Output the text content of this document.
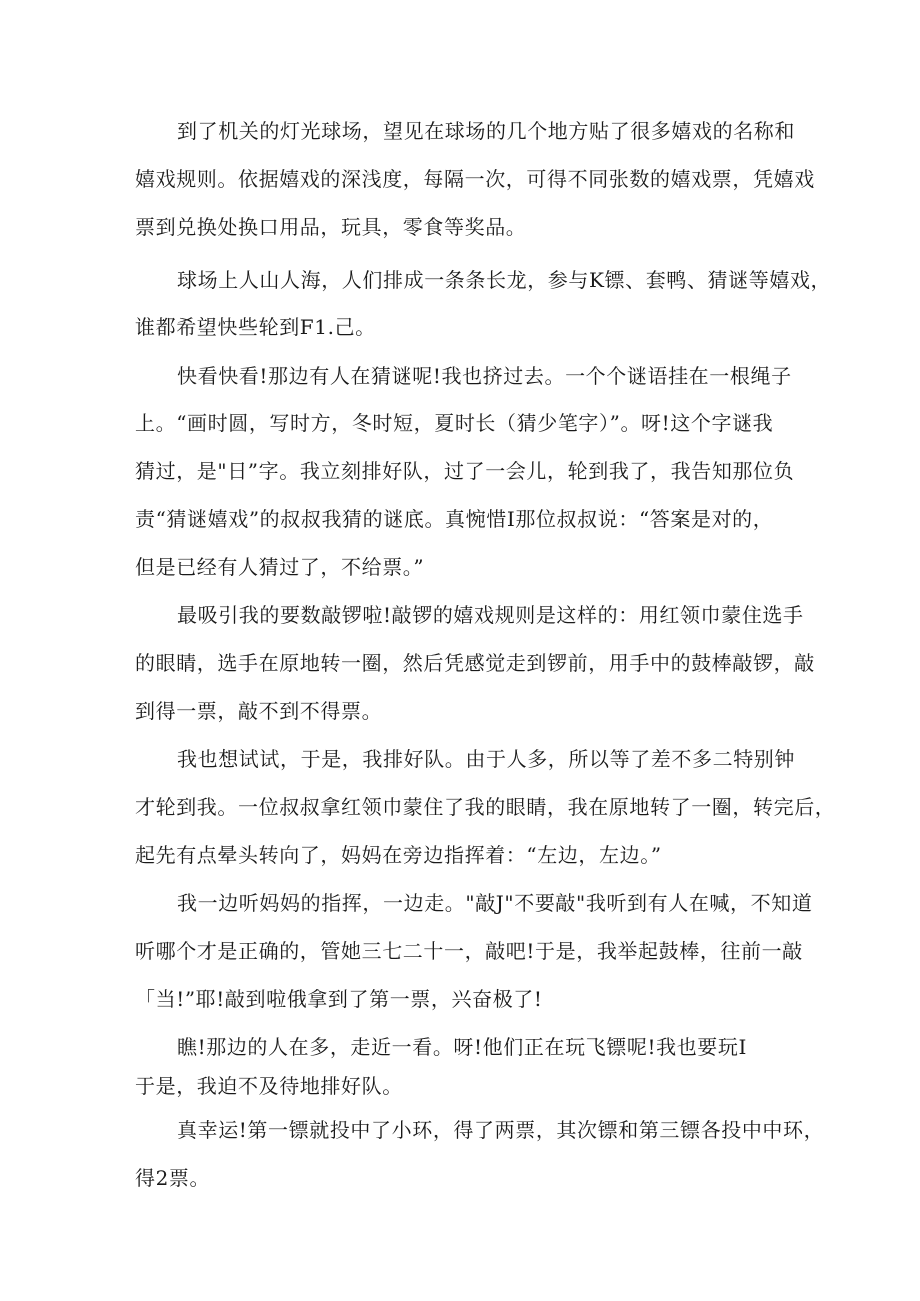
到了机关的灯光球场，望见在球场的几个地方贴了很多嬉戏的名称和
嬉戏规则。依据嬉戏的深浅度，每隔一次，可得不同张数的嬉戏票，凭嬉戏
票到兑换处换口用品，玩具，零食等奖品。
球场上人山人海，人们排成一条条长龙，参与K镖、套鸭、猜谜等嬉戏，
谁都希望快些轮到F1.己。
快看快看!那边有人在猜谜呢!我也挤过去。一个个谜语挂在一根绳子
上。“画时圆，写时方，冬时短，夏时长（猜少笔字）”。呀!这个字谜我
猜过，是"日”字。我立刻排好队，过了一会儿，轮到我了，我告知那位负
责“猜谜嬉戏”的叔叔我猜的谜底。真惋惜I那位叔叔说：“答案是对的，
但是已经有人猜过了，不给票。”
最吸引我的要数敲锣啦!敲锣的嬉戏规则是这样的：用红领巾蒙住选手
的眼睛，选手在原地转一圈，然后凭感觉走到锣前，用手中的鼓棒敲锣，敲
到得一票，敲不到不得票。
我也想试试，于是，我排好队。由于人多，所以等了差不多二特别钟
才轮到我。一位叔叔拿红领巾蒙住了我的眼睛，我在原地转了一圈，转完后，
起先有点晕头转向了，妈妈在旁边指挥着：“左边，左边。”
我一边听妈妈的指挥，一边走。"敲J"不要敲"我听到有人在喊，不知道
听哪个才是正确的，管她三七二十一，敲吧!于是，我举起鼓棒，往前一敲
「当!”耶!敲到啦俄拿到了第一票，兴奋极了!
瞧!那边的人在多，走近一看。呀!他们正在玩飞镖呢!我也要玩I
于是，我迫不及待地排好队。
真幸运!第一镖就投中了小环，得了两票，其次镖和第三镖各投中中环，
得2票。
